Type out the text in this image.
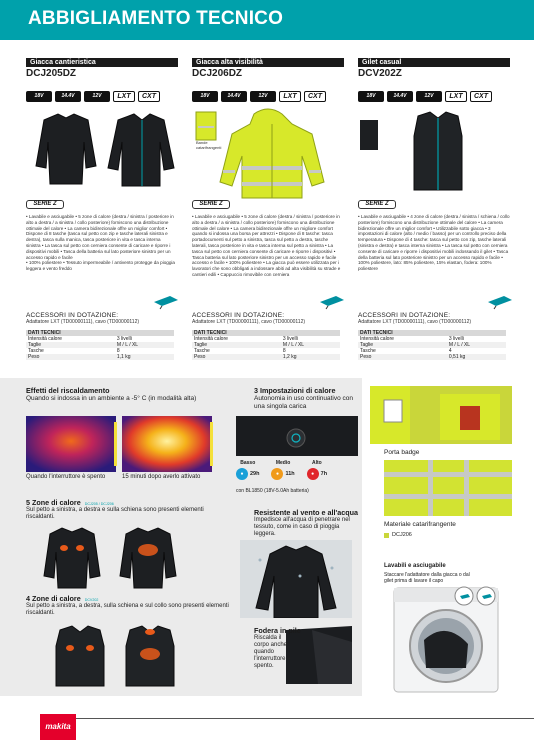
ABBIGLIAMENTO TECNICO
Giacca cantieristica
DCJ205DZ
18V	14.4V	12V	LXT	CXT
SERIE Z
• Lavabile e asciugabile • 5 zone di calore (destra / sinistra / posteriore in alto a destra / a sinistra / collo posteriore) forniscono una distribuzione ottimale del calore • La camera bidirezionale offre un miglior comfort • Dispone di 8 tasche (tasca sul petto con zip e tasche laterali sinistra e destra), tasca sulla manica, tasca posteriore in vita e tasca interna sinistra • La tasca sul petto con cerniera consente di caricare e riporre i dispositivi mobili • Tasca della batteria sul lato posteriore sinistro per un accesso rapido e facile
• 100% poliestere • Tessuto impermeabile / antivento protegge da pioggia leggera e vento freddo
ACCESSORI IN DOTAZIONE:
Adattatore LXT (TD00000111), cavo (TD00000112)
DATI TECNICI	
Intensità calore	3 livelli
Taglie	M / L / XL
Tasche	8
Peso	1,1 kg
Giacca alta visibilità
DCJ206DZ
18V	14.4V	12V	LXT	CXT
Bande catarifrangenti
SERIE Z
• Lavabile e asciugabile • 5 zone di calore (destra / sinistra / posteriore in alto a destra / a sinistra / collo posteriore) forniscono una distribuzione ottimale del calore • La camera bidirezionale offre un migliore comfort quando si indossa una borsa per attrezzi • Dispone di 8 tasche: tasca portadocumenti sul petto a sinistra, tasca sul petto a destra, tasche laterali, tasca posteriore in vita e tasca interna sul petto a sinistra • La tasca sul petto con cerniera consente di caricare e riporre i dispositivi • Tasca batteria sul lato posteriore sinistro per un accesso rapido e facile accesso e facile • 100% poliestere • La giacca può essere utilizzata per i lavoratori che sono obbligati a indossare abiti ad alta visibilità su strade e cantieri edili • Cappuccio rimovibile con cerniera
ACCESSORI IN DOTAZIONE:
Adattatore LXT (TD00000111), cavo (TD00000112)
DATI TECNICI	
Intensità calore	3 livelli
Taglie	M / L / XL
Tasche	8
Peso	1,2 kg
Gilet casual
DCV202Z
18V	14.4V	12V	LXT	CXT
SERIE Z
• Lavabile e asciugabile • 4 zone di calore (destra / sinistra / schiena / collo posteriore) forniscono una distribuzione ottimale del calore • La camera bidirezionale offre un miglior comfort • Utilizzabile sotto giacca • 3 impostazioni di calore (alto / medio / basso) per un controllo preciso della temperatura • Dispone di 4 tasche: tasca sul petto con zip, tasche laterali (sinistra e destra) e tasca interna sinistra • La tasca sul petto con cerniera consente di caricare e riporre i dispositivi mobili indossando il gilet • Tasca della batteria sul lato posteriore sinistro per un accesso rapido e facile • 100% poliestere, lato: 85% poliestere, 15% elastan, fodera: 100% poliestere
ACCESSORI IN DOTAZIONE:
Adattatore LXT (TD00000111), cavo (TD00000112)
DATI TECNICI	
Intensità calore	3 livelli
Taglie	M / L / XL
Tasche	4
Peso	0,51 kg
Effetti del riscaldamento
Quando si indossa in un ambiente a -5° C (in modalità alta)
Quando l'interruttore è spento	15 minuti dopo averlo attivato
5 Zone di calore DCJ205 / DCJ206
Sul petto a sinistra, a destra e sulla schiena sono presenti elementi riscaldanti.
4 Zone di calore DCV202
Sul petto a sinistra, a destra, sulla schiena e sul collo sono presenti elementi riscaldanti.
3 Impostazioni di calore
Autonomia in uso continuativo con una singola carica
Basso
●	29h
Medio
●	11h
Alto
●	7h
con BL1850 (18V-5.0Ah batteria)
Resistente al vento e all'acqua
Impedisce all'acqua di penetrare nel tessuto, come in caso di pioggia leggera.
Fodera in pile
Riscalda il corpo anche quando l'interruttore è spento.
Porta badge
Materiale catarifrangente
DCJ206
Lavabili e asciugabile
Staccare l'adattatore dalla giacca o dal gilet prima di lavare il capo
makita
